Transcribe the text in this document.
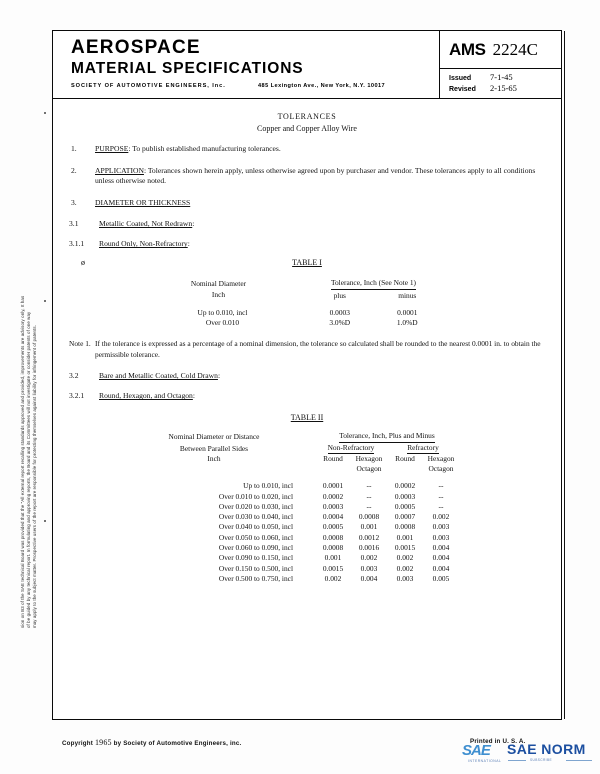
sion on B3 of the SAE technical Board was provided that the "All external report recalling standards approved and provided, improvements are advisory only, It has of be guided by any technical report. In formulating and approving reports, the Board and its Committees will not investigate or consider patents of one way may apply to the subject matter. Prospective users of the report are responsible for protecting themselves against liability for infringement of patents.
AEROSPACE
MATERIAL SPECIFICATIONS
SOCIETY OF AUTOMOTIVE ENGINEERS, Inc.	485 Lexington Ave., New York, N.Y. 10017
AMS 2224C
Issued	7-1-45
Revised	2-15-65
TOLERANCES
Copper and Copper Alloy Wire
1. PURPOSE: To publish established manufacturing tolerances.
2. APPLICATION: Tolerances shown herein apply, unless otherwise agreed upon by purchaser and vendor. These tolerances apply to all conditions unless otherwise noted.
3. DIAMETER OR THICKNESS
3.1	Metallic Coated, Not Redrawn:
3.1.1 Round Only, Non-Refractory:
ø	TABLE I
Nominal Diameter	Tolerance, Inch (See Note 1)	
Inch	plus	minus

Up to 0.010, incl	0.0003	0.0001
Over 0.010	3.0%D	1.0%D
Note 1. If the tolerance is expressed as a percentage of a nominal dimension, the tolerance so calculated shall be rounded to the nearest 0.0001 in. to obtain the permissible tolerance.
3.2	Bare and Metallic Coated, Cold Drawn:
3.2.1 Round, Hexagon, and Octagon:
TABLE II
Nominal Diameter or Distance		Tolerance, Inch, Plus and Minus			
Between Parallel Sides		Non-Refractory		Refractory	
Inch		Round	Hexagon	Round	Hexagon
			Octagon		Octagon

Up to 0.010, incl		0.0001	--	0.0002	--
Over 0.010 to 0.020, incl		0.0002	--	0.0003	--
Over 0.020 to 0.030, incl		0.0003	--	0.0005	--
Over 0.030 to 0.040, incl		0.0004	0.0008	0.0007	0.002
Over 0.040 to 0.050, incl		0.0005	0.001	0.0008	0.003
Over 0.050 to 0.060, incl		0.0008	0.0012	0.001	0.003
Over 0.060 to 0.090, incl		0.0008	0.0016	0.0015	0.004
Over 0.090 to 0.150, incl		0.001	0.002	0.002	0.004
Over 0.150 to 0.500, incl		0.0015	0.003	0.002	0.004
Over 0.500 to 0.750, incl		0.002	0.004	0.003	0.005
Copyright 1965 by Society of Automotive Engineers, inc.	Printed in U. S. A.
SAE SAE NORM
INTERNATIONAL	SUBSCRIBE
